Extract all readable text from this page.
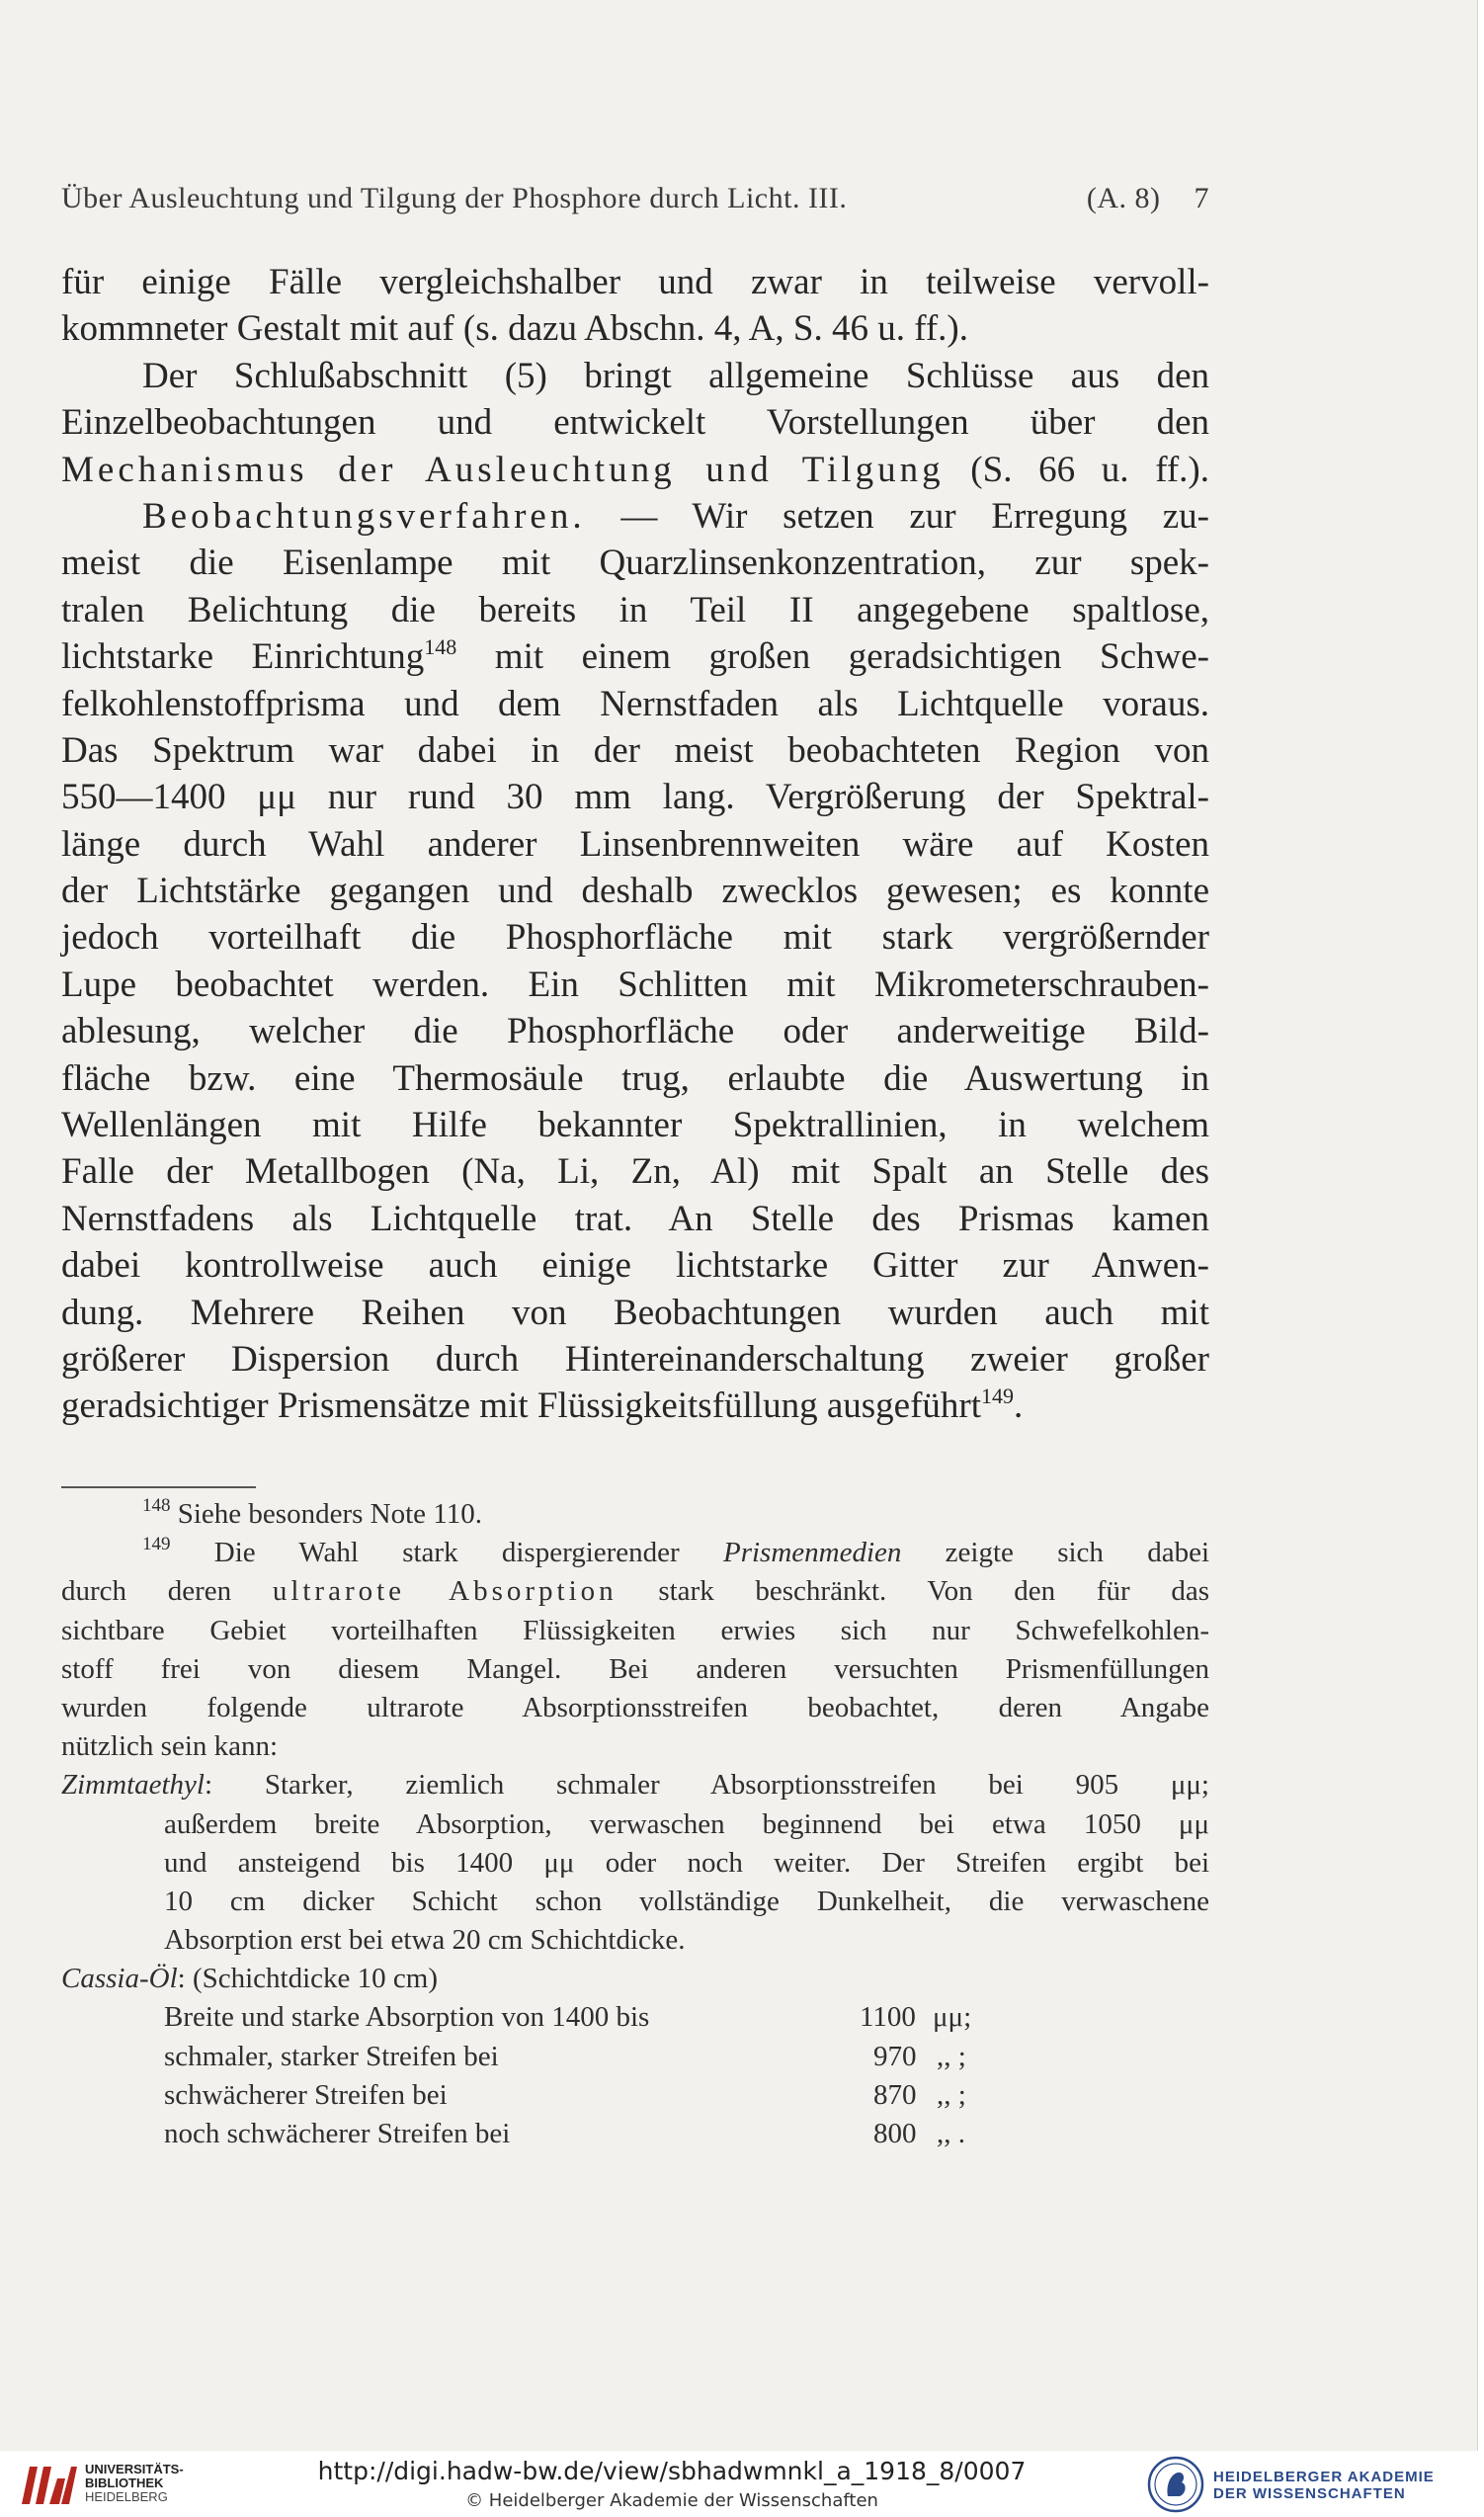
Über Ausleuchtung und Tilgung der Phosphore durch Licht. III.	(A. 8) 7
für einige Fälle vergleichshalber und zwar in teilweise vervoll-
kommneter Gestalt mit auf (s. dazu Abschn. 4, A, S. 46 u. ff.).
Der Schlußabschnitt (5) bringt allgemeine Schlüsse aus den
Einzelbeobachtungen und entwickelt Vorstellungen über den
Mechanismus der Ausleuchtung und Tilgung (S. 66 u. ff.).
Beobachtungsverfahren. — Wir setzen zur Erregung zu-
meist die Eisenlampe mit Quarzlinsenkonzentration, zur spek-
tralen Belichtung die bereits in Teil II angegebene spaltlose,
lichtstarke Einrichtung$^{148}$ mit einem großen geradsichtigen Schwe-
felkohlenstoffprisma und dem Nernstfaden als Lichtquelle voraus.
Das Spektrum war dabei in der meist beobachteten Region von
550—1400 μμ nur rund 30 mm lang. Vergrößerung der Spektral-
länge durch Wahl anderer Linsenbrennweiten wäre auf Kosten
der Lichtstärke gegangen und deshalb zwecklos gewesen; es konnte
jedoch vorteilhaft die Phosphorfläche mit stark vergrößernder
Lupe beobachtet werden. Ein Schlitten mit Mikrometerschrauben-
ablesung, welcher die Phosphorfläche oder anderweitige Bild-
fläche bzw. eine Thermosäule trug, erlaubte die Auswertung in
Wellenlängen mit Hilfe bekannter Spektrallinien, in welchem
Falle der Metallbogen (Na, Li, Zn, Al) mit Spalt an Stelle des
Nernstfadens als Lichtquelle trat. An Stelle des Prismas kamen
dabei kontrollweise auch einige lichtstarke Gitter zur Anwen-
dung. Mehrere Reihen von Beobachtungen wurden auch mit
größerer Dispersion durch Hintereinanderschaltung zweier großer
geradsichtiger Prismensätze mit Flüssigkeitsfüllung ausgeführt$^{149}$.
$^{148}$ Siehe besonders Note 110.
$^{149}$ Die Wahl stark dispergierender Prismenmedien zeigte sich dabei
durch deren ultrarote Absorption stark beschränkt. Von den für das
sichtbare Gebiet vorteilhaften Flüssigkeiten erwies sich nur Schwefelkohlen-
stoff frei von diesem Mangel. Bei anderen versuchten Prismenfüllungen
wurden folgende ultrarote Absorptionsstreifen beobachtet, deren Angabe
nützlich sein kann:
Zimmtaethyl: Starker, ziemlich schmaler Absorptionsstreifen bei 905 μμ;
außerdem breite Absorption, verwaschen beginnend bei etwa 1050 μμ
und ansteigend bis 1400 μμ oder noch weiter. Der Streifen ergibt bei
10 cm dicker Schicht schon vollständige Dunkelheit, die verwaschene
Absorption erst bei etwa 20 cm Schichtdicke.
Cassia-Öl: (Schichtdicke 10 cm)
Breite und starke Absorption von 1400 bis	1100 μμ;
schmaler, starker Streifen bei	970 ,, ;
schwächerer Streifen bei	870 ,, ;
noch schwächerer Streifen bei	800 ,, .
UNIVERSITÄTS-
BIBLIOTHEK
HEIDELBERG
http://digi.hadw-bw.de/view/sbhadwmnkl_a_1918_8/0007
© Heidelberger Akademie der Wissenschaften
HEIDELBERGER AKADEMIE
DER WISSENSCHAFTEN
